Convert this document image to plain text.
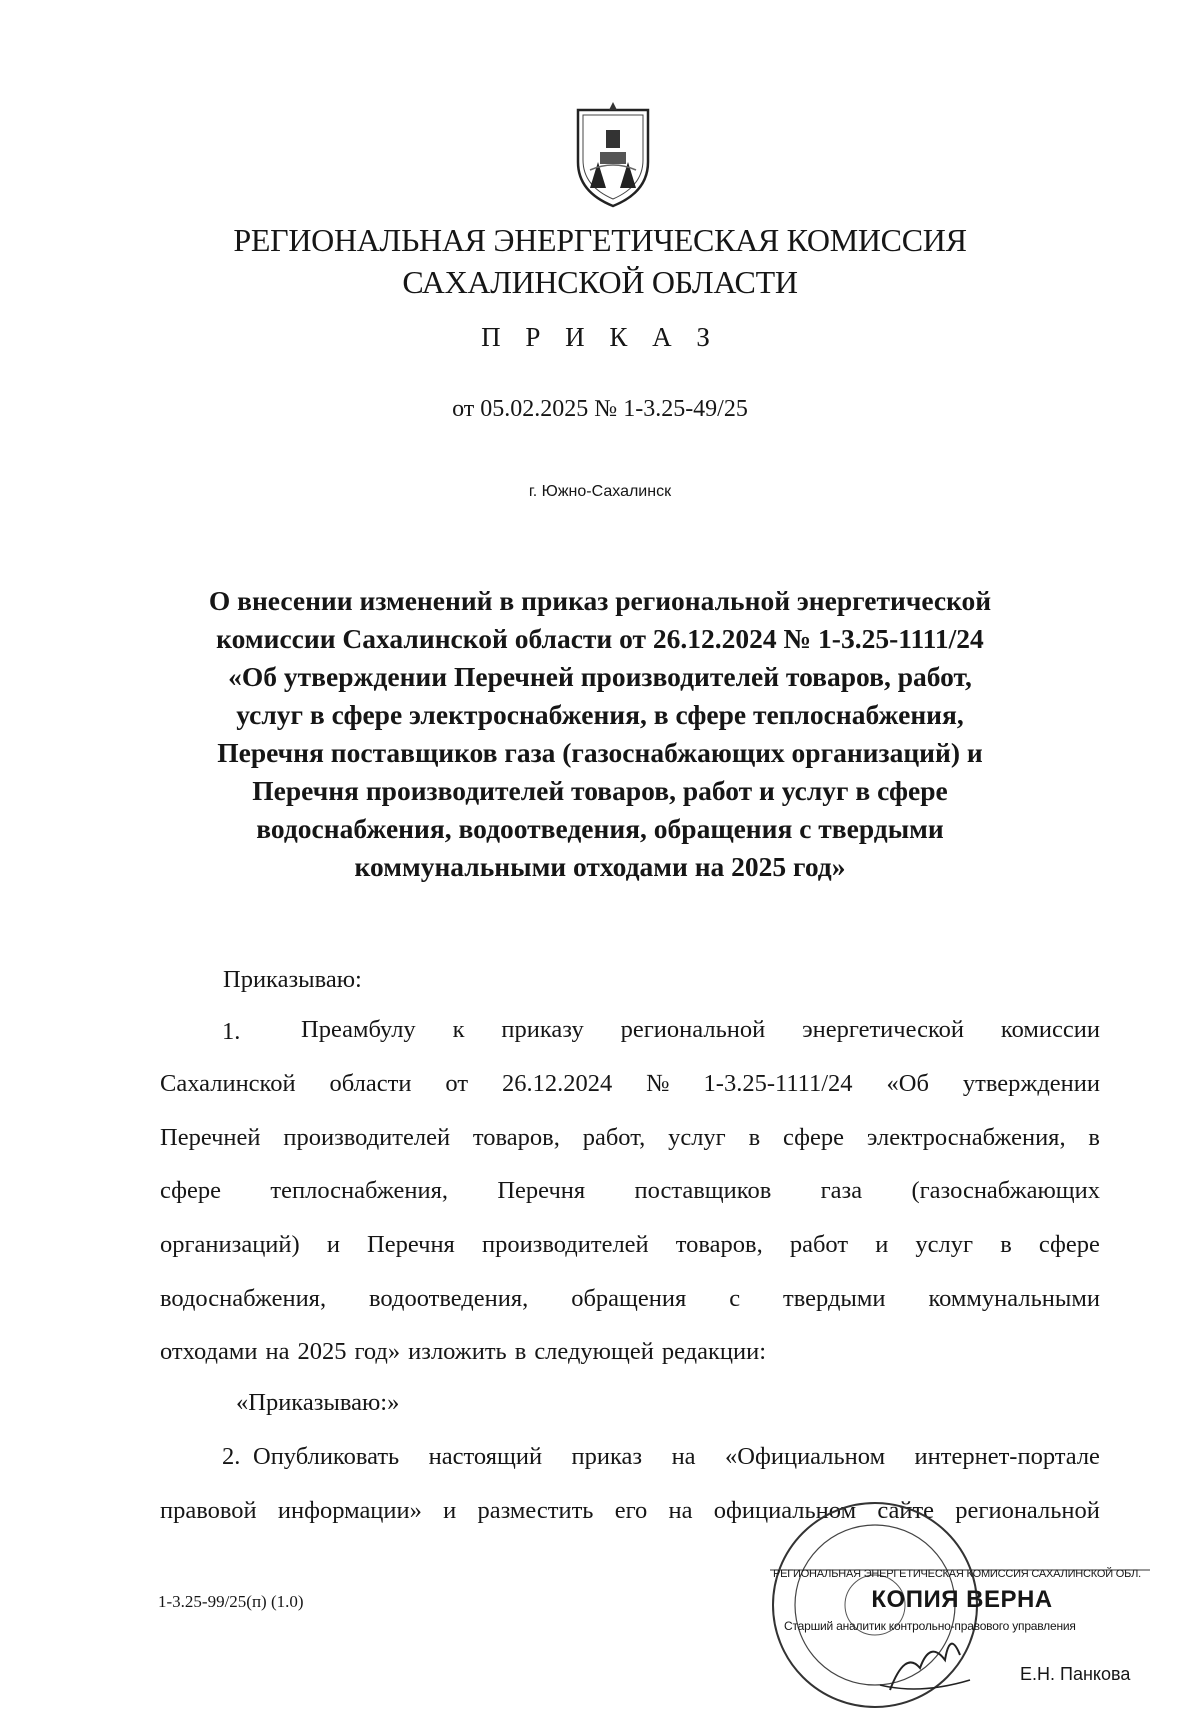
РЕГИОНАЛЬНАЯ ЭНЕРГЕТИЧЕСКАЯ КОМИССИЯ
САХАЛИНСКОЙ ОБЛАСТИ
П Р И К А З
от 05.02.2025 № 1-3.25-49/25
г. Южно-Сахалинск
О внесении изменений в приказ региональной энергетической
комиссии Сахалинской области от 26.12.2024 № 1-3.25-1111/24
«Об утверждении Перечней производителей товаров, работ,
услуг в сфере электроснабжения, в сфере теплоснабжения,
Перечня поставщиков газа (газоснабжающих организаций) и
Перечня производителей товаров, работ и услуг в сфере
водоснабжения, водоотведения, обращения с твердыми
коммунальными отходами на 2025 год»
Приказываю:
1. Преамбулу к приказу региональной энергетической комиссии
Сахалинской области от 26.12.2024 № 1-3.25-1111/24 «Об утверждении
Перечней производителей товаров, работ, услуг в сфере электроснабжения, в
сфере теплоснабжения, Перечня поставщиков газа (газоснабжающих
организаций) и Перечня производителей товаров, работ и услуг в сфере
водоснабжения, водоотведения, обращения с твердыми коммунальными
отходами на 2025 год» изложить в следующей редакции:
«Приказываю:»
2. Опубликовать настоящий приказ на «Официальном интернет-портале
правовой информации» и разместить его на официальном сайте региональной
1-3.25-99/25(п) (1.0)
РЕГИОНАЛЬНАЯ ЭНЕРГЕТИЧЕСКАЯ КОМИССИЯ САХАЛИНСКОЙ ОБЛ.
КОПИЯ ВЕРНА
Старший аналитик контрольно-правового управления
Е.Н. Панкова
